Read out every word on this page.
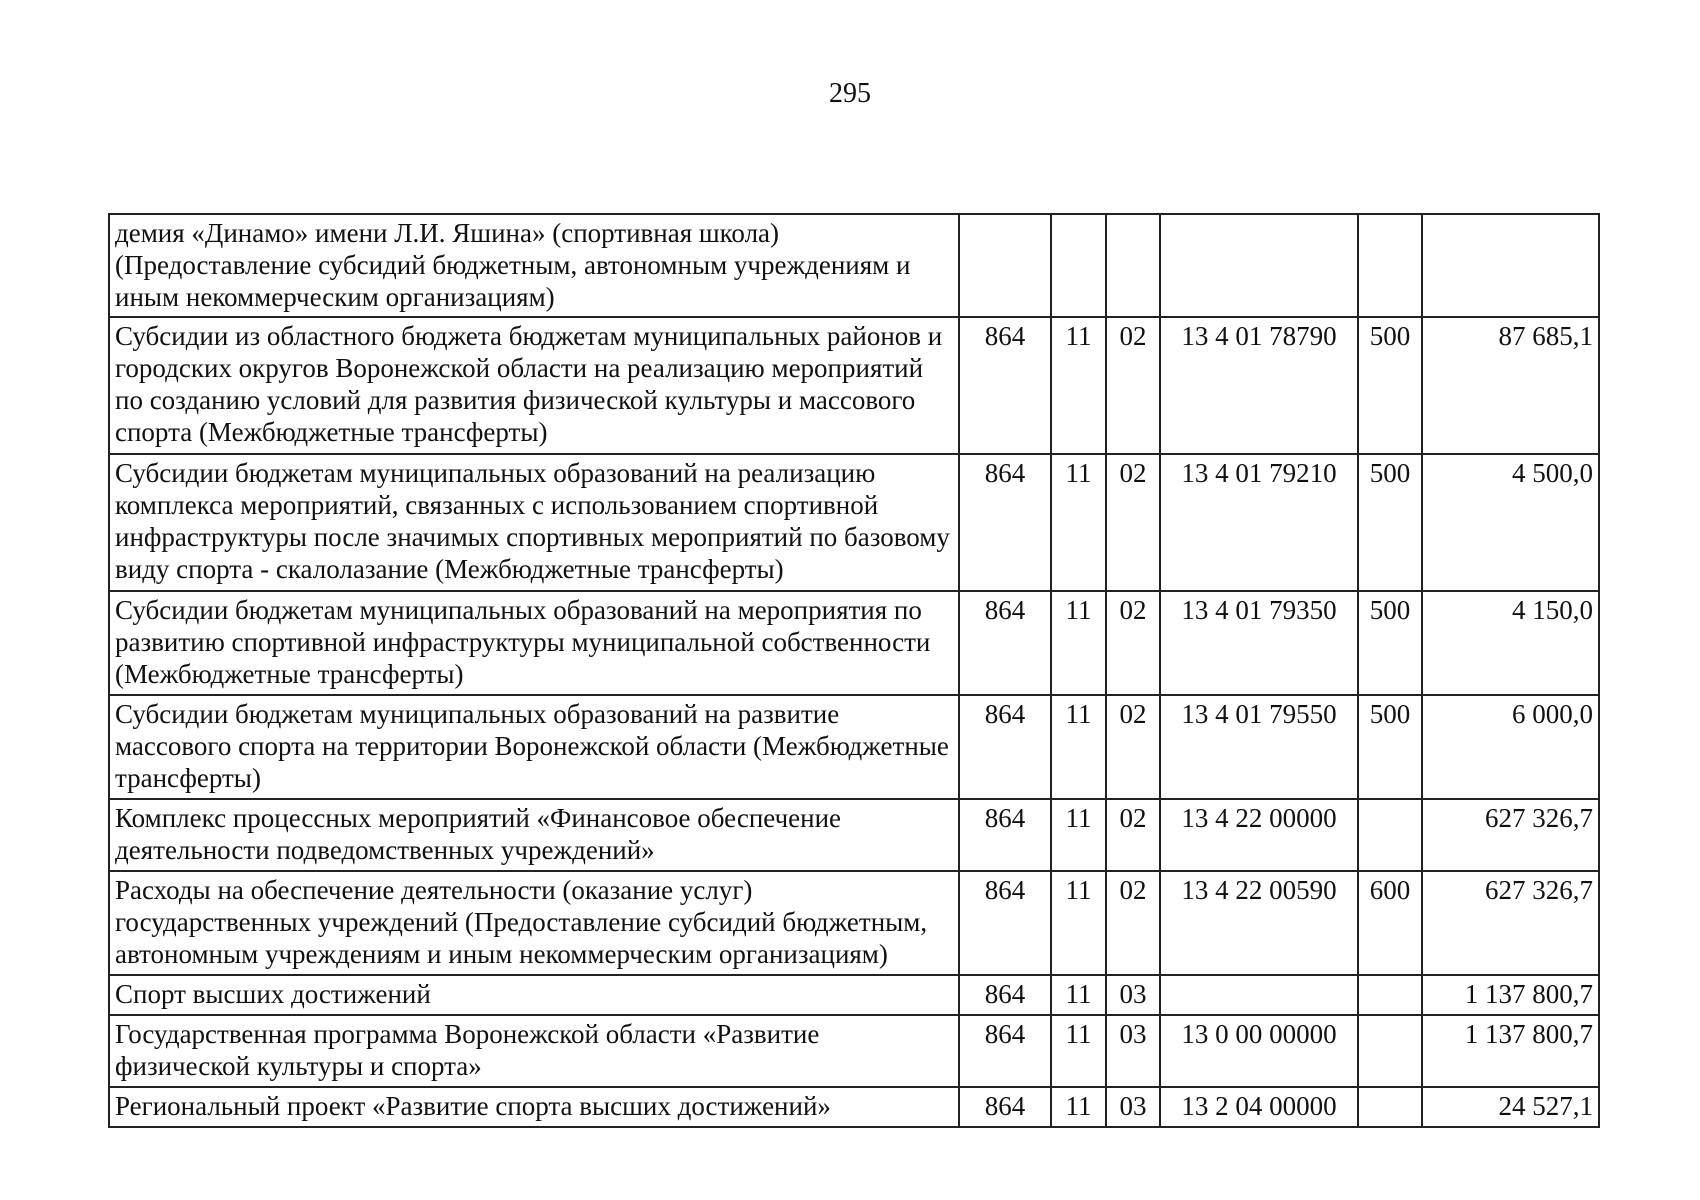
295
демия «Динамо» имени Л.И. Яшина» (спортивная школа) (Предоставление субсидий бюджетным, автономным учреждениям и иным некоммерческим организациям)						
Субсидии из областного бюджета бюджетам муниципальных районов и городских округов Воронежской области на реализацию мероприятий по созданию условий для развития физической культуры и массового спорта (Межбюджетные трансферты)	864	11	02	13 4 01 78790	500	87 685,1
Субсидии бюджетам муниципальных образований на реализацию комплекса мероприятий, связанных с использованием спортивной инфраструктуры после значимых спортивных мероприятий по базовому виду спорта - скалолазание (Межбюджетные трансферты)	864	11	02	13 4 01 79210	500	4 500,0
Субсидии бюджетам муниципальных образований на мероприятия по развитию спортивной инфраструктуры муниципальной собственности (Межбюджетные трансферты)	864	11	02	13 4 01 79350	500	4 150,0
Субсидии бюджетам муниципальных образований на развитие массового спорта на территории Воронежской области (Межбюджетные трансферты)	864	11	02	13 4 01 79550	500	6 000,0
Комплекс процессных мероприятий «Финансовое обеспечение деятельности подведомственных учреждений»	864	11	02	13 4 22 00000		627 326,7
Расходы на обеспечение деятельности (оказание услуг) государственных учреждений (Предоставление субсидий бюджетным, автономным учреждениям и иным некоммерческим организациям)	864	11	02	13 4 22 00590	600	627 326,7
Спорт высших достижений	864	11	03			1 137 800,7
Государственная программа Воронежской области «Развитие физической культуры и спорта»	864	11	03	13 0 00 00000		1 137 800,7
Региональный проект «Развитие спорта высших достижений»	864	11	03	13 2 04 00000		24 527,1
